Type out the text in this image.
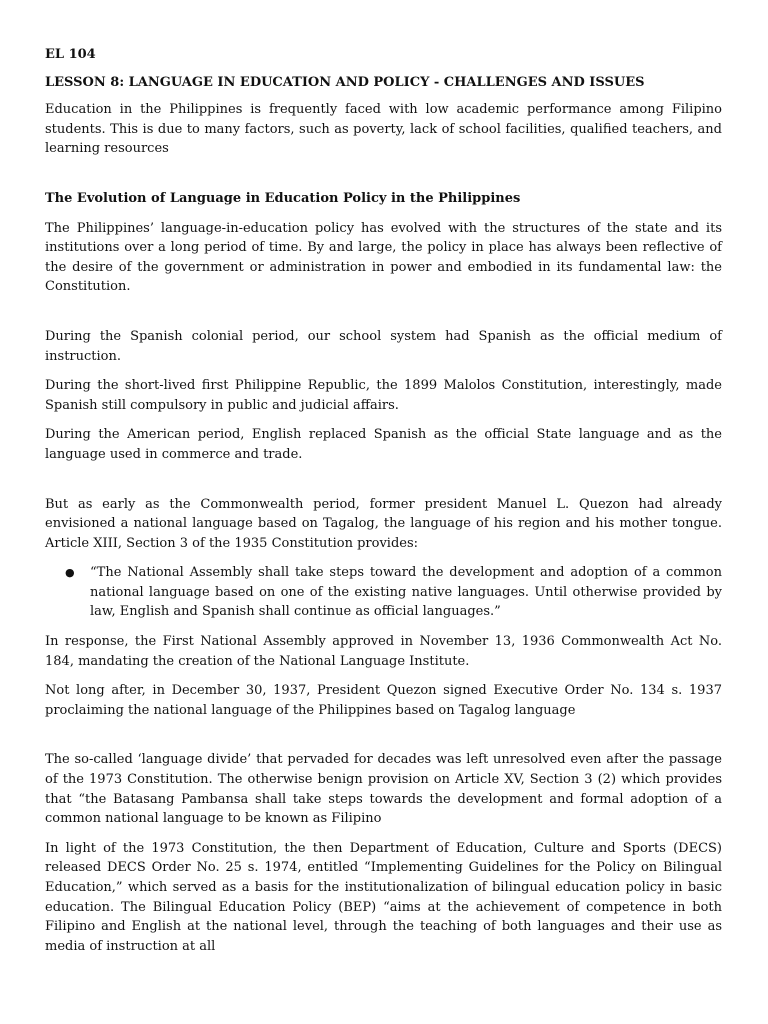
EL 104
LESSON 8: LANGUAGE IN EDUCATION AND POLICY - CHALLENGES AND ISSUES

Education in the Philippines is frequently faced with low academic performance among Filipino students. This is due to many factors, such as poverty, lack of school facilities, qualified teachers, and learning resources

The Evolution of Language in Education Policy in the Philippines

The Philippines’ language-in-education policy has evolved with the structures of the state and its institutions over a long period of time. By and large, the policy in place has always been reflective of the desire of the government or administration in power and embodied in its fundamental law: the Constitution.

During the Spanish colonial period, our school system had Spanish as the official medium of instruction.

During the short-lived first Philippine Republic, the 1899 Malolos Constitution, interestingly, made Spanish still compulsory in public and judicial affairs.

During the American period, English replaced Spanish as the official State language and as the language used in commerce and trade.

But as early as the Commonwealth period, former president Manuel L. Quezon had already envisioned a national language based on Tagalog, the language of his region and his mother tongue. Article XIII, Section 3 of the 1935 Constitution provides:

● “The National Assembly shall take steps toward the development and adoption of a common national language based on one of the existing native languages. Until otherwise provided by law, English and Spanish shall continue as official languages.”

In response, the First National Assembly approved in November 13, 1936 Commonwealth Act No. 184, mandating the creation of the National Language Institute.

Not long after, in December 30, 1937, President Quezon signed Executive Order No. 134 s. 1937 proclaiming the national language of the Philippines based on Tagalog language

The so-called ‘language divide’ that pervaded for decades was left unresolved even after the passage of the 1973 Constitution. The otherwise benign provision on Article XV, Section 3 (2) which provides that “the Batasang Pambansa shall take steps towards the development and formal adoption of a common national language to be known as Filipino

In light of the 1973 Constitution, the then Department of Education, Culture and Sports (DECS) released DECS Order No. 25 s. 1974, entitled “Implementing Guidelines for the Policy on Bilingual Education,” which served as a basis for the institutionalization of bilingual education policy in basic education. The Bilingual Education Policy (BEP) “aims at the achievement of competence in both Filipino and English at the national level, through the teaching of both languages and their use as media of instruction at all
